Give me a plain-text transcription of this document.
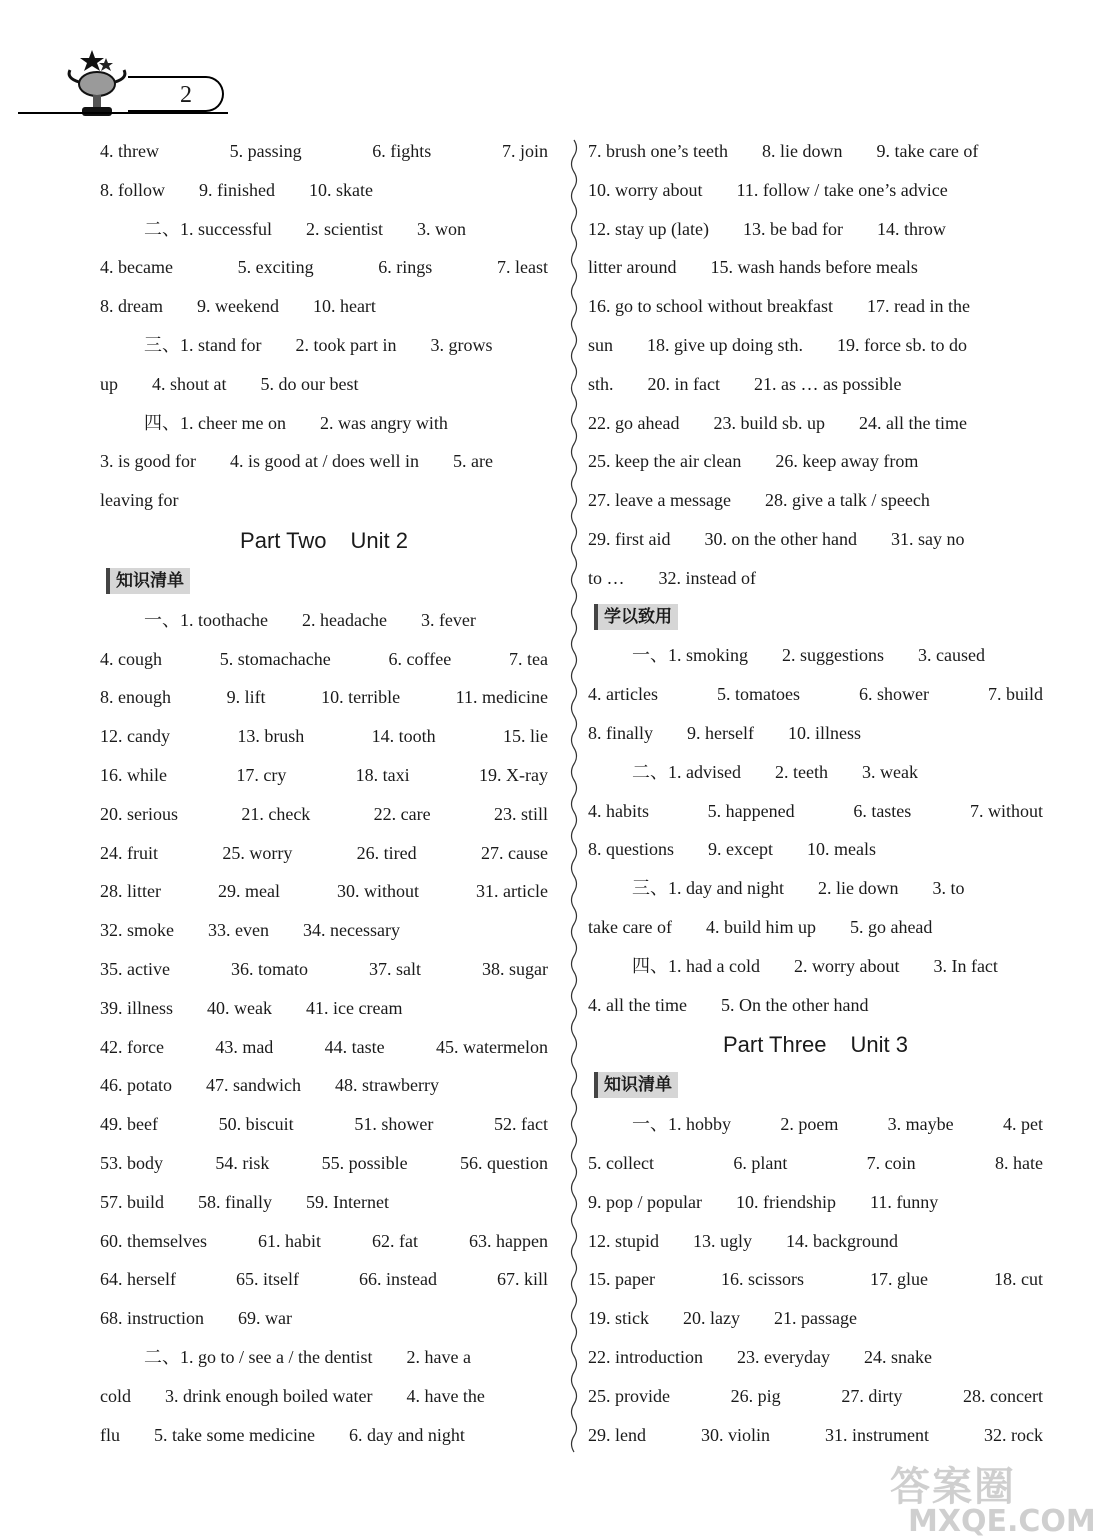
2
4. threw	5. passing	6. fights	7. join
8. follow 9. finished 10. skate
二、1. successful 2. scientist 3. won
4. became	5. exciting	6. rings	7. least
8. dream 9. weekend 10. heart
三、1. stand for 2. took part in 3. grows
up 4. shout at 5. do our best
四、1. cheer me on 2. was angry with
3. is good for 4. is good at / does well in 5. are
leaving for
Part Two Unit 2
知识清单
一、1. toothache 2. headache 3. fever
4. cough	5. stomachache	6. coffee	7. tea
8. enough	9. lift	10. terrible	11. medicine
12. candy	13. brush	14. tooth	15. lie
16. while	17. cry	18. taxi	19. X-ray
20. serious	21. check	22. care	23. still
24. fruit	25. worry	26. tired	27. cause
28. litter	29. meal	30. without	31. article
32. smoke 33. even 34. necessary
35. active	36. tomato	37. salt	38. sugar
39. illness 40. weak 41. ice cream
42. force	43. mad	44. taste	45. watermelon
46. potato 47. sandwich 48. strawberry
49. beef	50. biscuit	51. shower	52. fact
53. body	54. risk	55. possible	56. question
57. build 58. finally 59. Internet
60. themselves	61. habit	62. fat	63. happen
64. herself	65. itself	66. instead	67. kill
68. instruction 69. war
二、1. go to / see a / the dentist 2. have a
cold 3. drink enough boiled water 4. have the
flu 5. take some medicine 6. day and night
7. brush one’s teeth 8. lie down 9. take care of
10. worry about 11. follow / take one’s advice
12. stay up (late) 13. be bad for 14. throw
litter around 15. wash hands before meals
16. go to school without breakfast 17. read in the
sun 18. give up doing sth. 19. force sb. to do
sth. 20. in fact 21. as … as possible
22. go ahead 23. build sb. up 24. all the time
25. keep the air clean 26. keep away from
27. leave a message 28. give a talk / speech
29. first aid 30. on the other hand 31. say no
to … 32. instead of
学以致用
一、1. smoking 2. suggestions 3. caused
4. articles	5. tomatoes	6. shower	7. build
8. finally 9. herself 10. illness
二、1. advised 2. teeth 3. weak
4. habits	5. happened	6. tastes	7. without
8. questions 9. except 10. meals
三、1. day and night 2. lie down 3. to
take care of 4. build him up 5. go ahead
四、1. had a cold 2. worry about 3. In fact
4. all the time 5. On the other hand
Part Three Unit 3
知识清单
一、1. hobby	2. poem	3. maybe	4. pet
5. collect	6. plant	7. coin	8. hate
9. pop / popular 10. friendship 11. funny
12. stupid 13. ugly 14. background
15. paper	16. scissors	17. glue	18. cut
19. stick 20. lazy 21. passage
22. introduction 23. everyday 24. snake
25. provide	26. pig	27. dirty	28. concert
29. lend	30. violin	31. instrument	32. rock
答案圈
MXQE.COM
